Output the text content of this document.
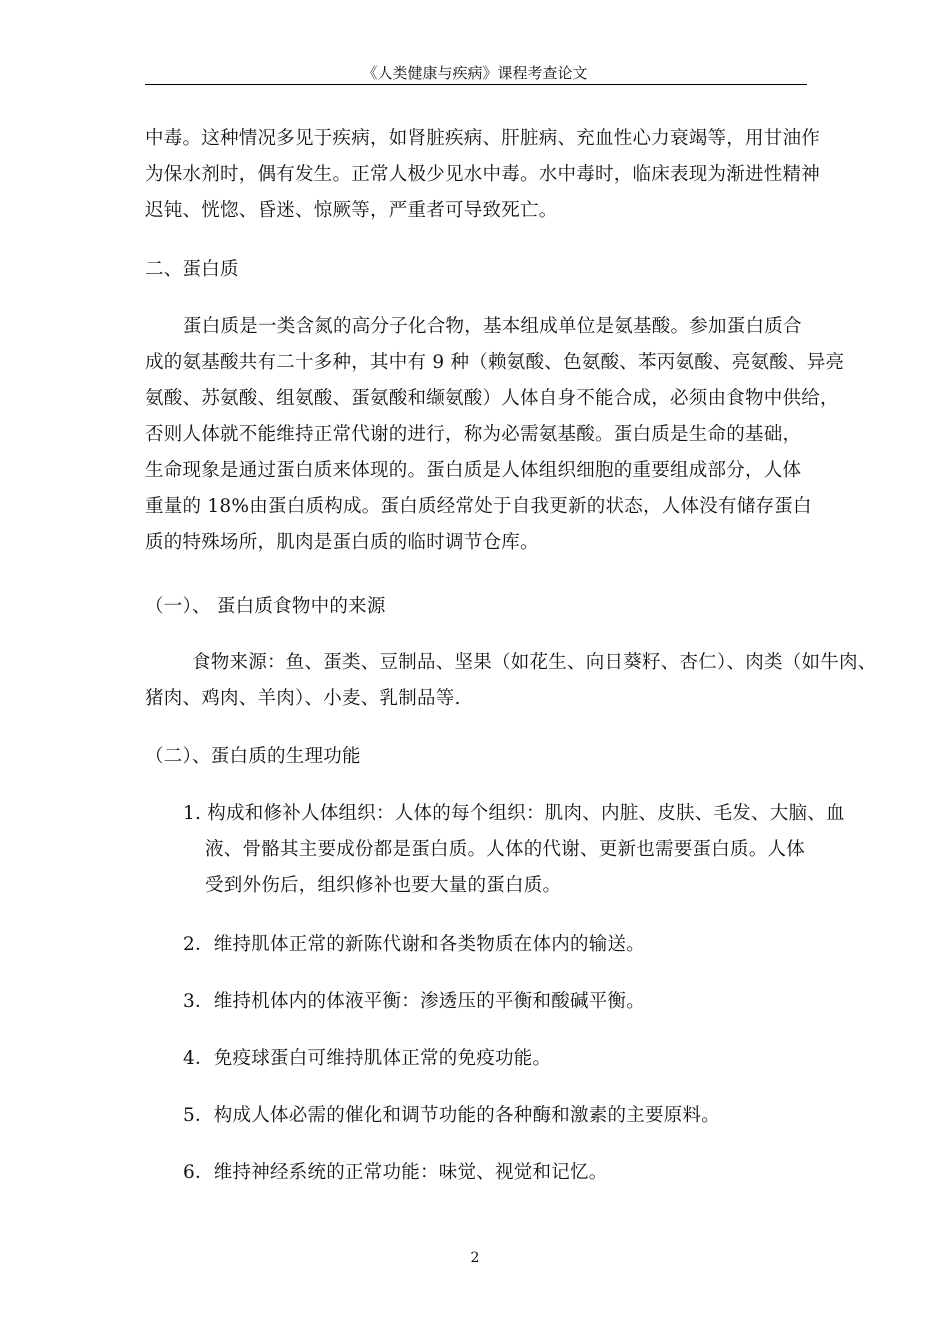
《人类健康与疾病》课程考查论文
中毒。这种情况多见于疾病，如肾脏疾病、肝脏病、充血性心力衰竭等，用甘油作
为保水剂时，偶有发生。正常人极少见水中毒。水中毒时，临床表现为渐进性精神
迟钝、恍惚、昏迷、惊厥等，严重者可导致死亡。
二、蛋白质
蛋白质是一类含氮的高分子化合物，基本组成单位是氨基酸。参加蛋白质合
成的氨基酸共有二十多种，其中有 9 种（赖氨酸、色氨酸、苯丙氨酸、亮氨酸、异亮
氨酸、苏氨酸、组氨酸、蛋氨酸和缬氨酸）人体自身不能合成，必须由食物中供给，
否则人体就不能维持正常代谢的进行，称为必需氨基酸。蛋白质是生命的基础，
生命现象是通过蛋白质来体现的。蛋白质是人体组织细胞的重要组成部分，人体
重量的 18%由蛋白质构成。蛋白质经常处于自我更新的状态，人体没有储存蛋白
质的特殊场所，肌肉是蛋白质的临时调节仓库。
（一）、 蛋白质食物中的来源
食物来源：鱼、蛋类、豆制品、坚果（如花生、向日葵籽、杏仁）、肉类（如牛肉、
猪肉、鸡肉、羊肉）、小麦、乳制品等.
（二）、蛋白质的生理功能
1. 构成和修补人体组织：人体的每个组织：肌肉、内脏、皮肤、毛发、大脑、血
液、骨骼其主要成份都是蛋白质。人体的代谢、更新也需要蛋白质。人体
受到外伤后，组织修补也要大量的蛋白质。
2．维持肌体正常的新陈代谢和各类物质在体内的输送。
3．维持机体内的体液平衡：渗透压的平衡和酸碱平衡。
4．免疫球蛋白可维持肌体正常的免疫功能。
5．构成人体必需的催化和调节功能的各种酶和激素的主要原料。
6．维持神经系统的正常功能：味觉、视觉和记忆。
2
